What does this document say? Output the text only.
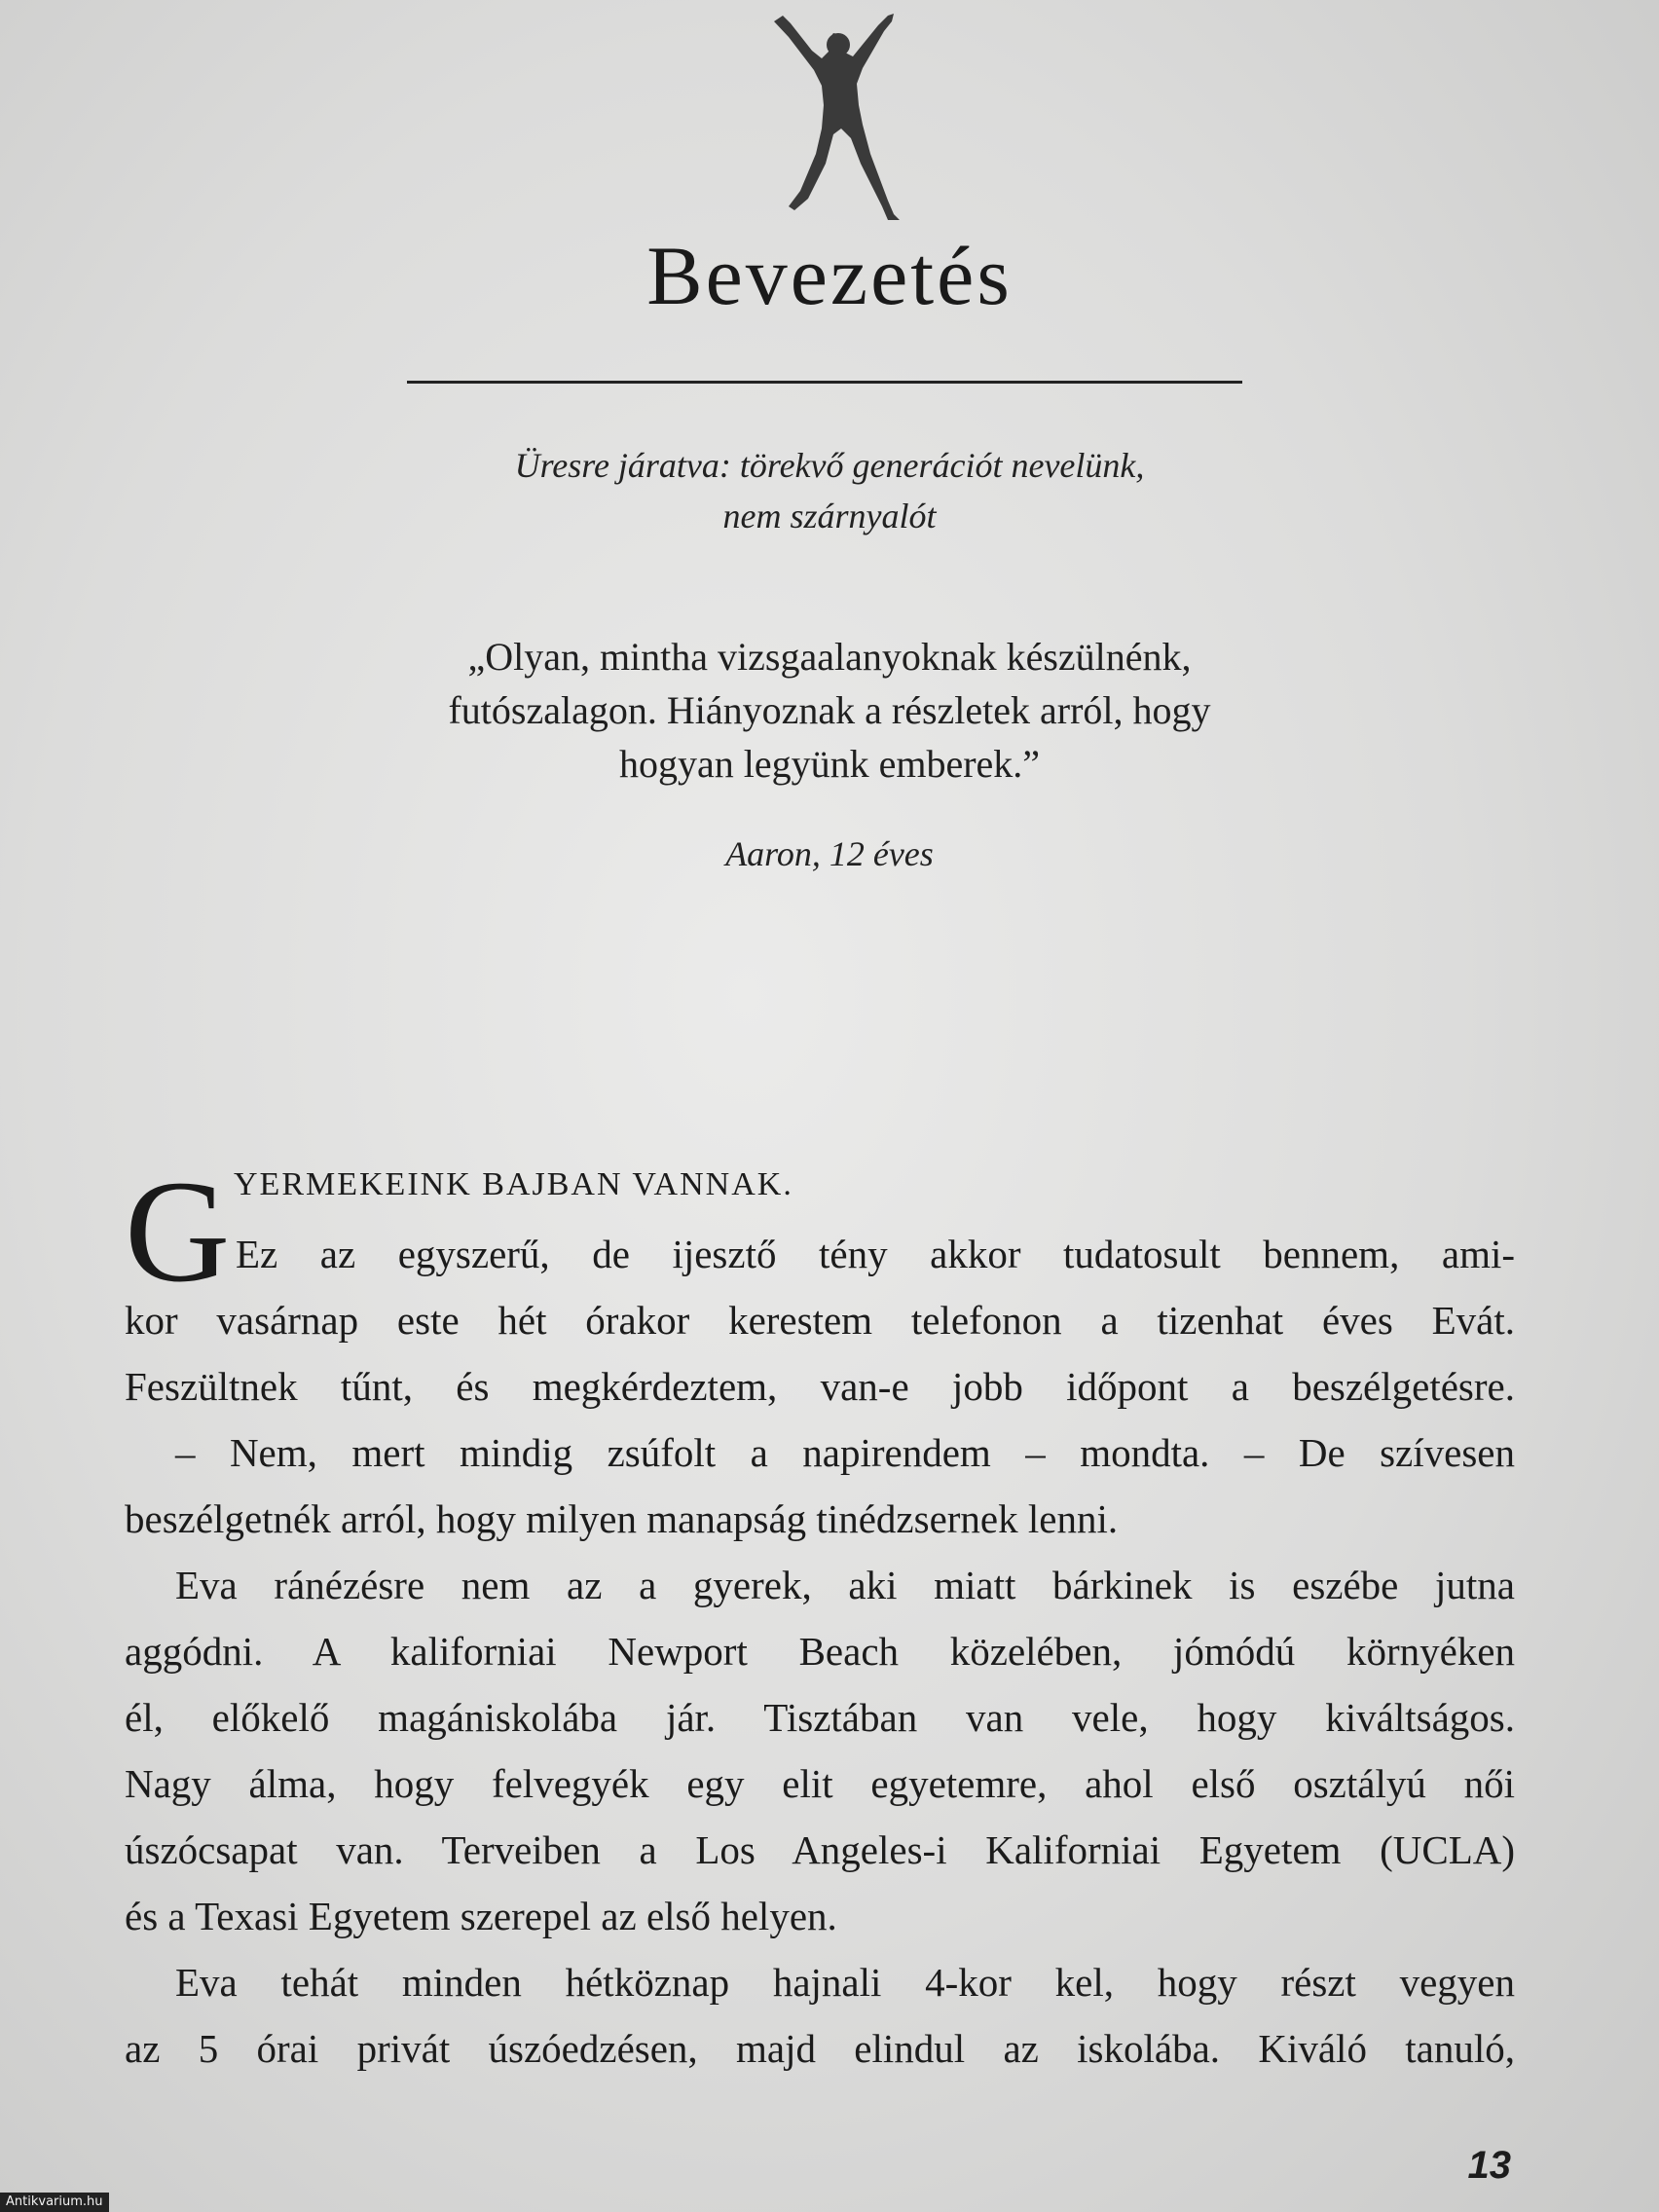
Bevezetés
Üresre járatva: törekvő generációt nevelünk,
nem szárnyalót
„Olyan, mintha vizsgaalanyoknak készülnénk,
futószalagon. Hiányoznak a részletek arról, hogy
hogyan legyünk emberek.”
Aaron, 12 éves
G YERMEKEINK BAJBAN VANNAK.
Ez az egyszerű, de ijesztő tény akkor tudatosult bennem, ami-
kor vasárnap este hét órakor kerestem telefonon a tizenhat éves Evát.
Feszültnek tűnt, és megkérdeztem, van-e jobb időpont a beszélgetésre.
– Nem, mert mindig zsúfolt a napirendem – mondta. – De szívesen
beszélgetnék arról, hogy milyen manapság tinédzsernek lenni.
Eva ránézésre nem az a gyerek, aki miatt bárkinek is eszébe jutna
aggódni. A kaliforniai Newport Beach közelében, jómódú környéken
él, előkelő magániskolába jár. Tisztában van vele, hogy kiváltságos.
Nagy álma, hogy felvegyék egy elit egyetemre, ahol első osztályú női
úszócsapat van. Terveiben a Los Angeles-i Kaliforniai Egyetem (UCLA)
és a Texasi Egyetem szerepel az első helyen.
Eva tehát minden hétköznap hajnali 4-kor kel, hogy részt vegyen
az 5 órai privát úszóedzésen, majd elindul az iskolába. Kiváló tanuló,
13
Antikvarium.hu
